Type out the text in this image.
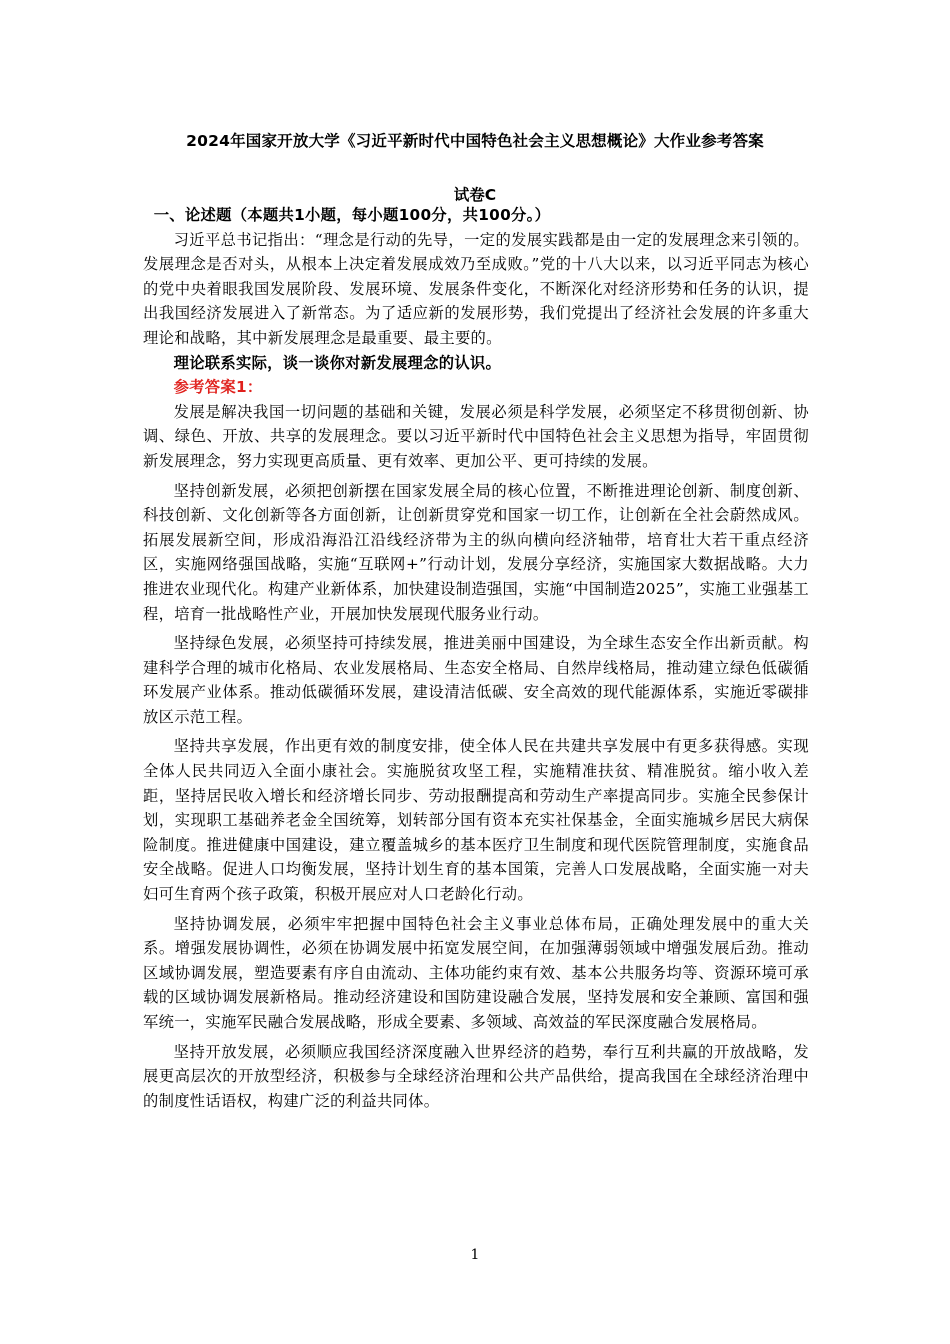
2024年国家开放大学《习近平新时代中国特色社会主义思想概论》大作业参考答案
试卷C

一、论述题（本题共1小题，每小题100分，共100分。）

习近平总书记指出：“理念是行动的先导，一定的发展实践都是由一定的发展理念来引领的。发展理念是否对头，从根本上决定着发展成效乃至成败。”党的十八大以来，以习近平同志为核心的党中央着眼我国发展阶段、发展环境、发展条件变化，不断深化对经济形势和任务的认识，提出我国经济发展进入了新常态。为了适应新的发展形势，我们党提出了经济社会发展的许多重大理论和战略，其中新发展理念是最重要、最主要的。

理论联系实际，谈一谈你对新发展理念的认识。

参考答案1：

发展是解决我国一切问题的基础和关键，发展必须是科学发展，必须坚定不移贯彻创新、协调、绿色、开放、共享的发展理念。要以习近平新时代中国特色社会主义思想为指导，牢固贯彻新发展理念，努力实现更高质量、更有效率、更加公平、更可持续的发展。

坚持创新发展，必须把创新摆在国家发展全局的核心位置，不断推进理论创新、制度创新、科技创新、文化创新等各方面创新，让创新贯穿党和国家一切工作，让创新在全社会蔚然成风。拓展发展新空间，形成沿海沿江沿线经济带为主的纵向横向经济轴带，培育壮大若干重点经济区，实施网络强国战略，实施“互联网+”行动计划，发展分享经济，实施国家大数据战略。大力推进农业现代化。构建产业新体系，加快建设制造强国，实施“中国制造2025”，实施工业强基工程，培育一批战略性产业，开展加快发展现代服务业行动。

坚持绿色发展，必须坚持可持续发展，推进美丽中国建设，为全球生态安全作出新贡献。构建科学合理的城市化格局、农业发展格局、生态安全格局、自然岸线格局，推动建立绿色低碳循环发展产业体系。推动低碳循环发展，建设清洁低碳、安全高效的现代能源体系，实施近零碳排放区示范工程。

坚持共享发展，作出更有效的制度安排，使全体人民在共建共享发展中有更多获得感。实现全体人民共同迈入全面小康社会。实施脱贫攻坚工程，实施精准扶贫、精准脱贫。缩小收入差距，坚持居民收入增长和经济增长同步、劳动报酬提高和劳动生产率提高同步。实施全民参保计划，实现职工基础养老金全国统筹，划转部分国有资本充实社保基金，全面实施城乡居民大病保险制度。推进健康中国建设，建立覆盖城乡的基本医疗卫生制度和现代医院管理制度，实施食品安全战略。促进人口均衡发展，坚持计划生育的基本国策，完善人口发展战略，全面实施一对夫妇可生育两个孩子政策，积极开展应对人口老龄化行动。

坚持协调发展，必须牢牢把握中国特色社会主义事业总体布局，正确处理发展中的重大关系。增强发展协调性，必须在协调发展中拓宽发展空间，在加强薄弱领域中增强发展后劲。推动区域协调发展，塑造要素有序自由流动、主体功能约束有效、基本公共服务均等、资源环境可承载的区域协调发展新格局。推动经济建设和国防建设融合发展，坚持发展和安全兼顾、富国和强军统一，实施军民融合发展战略，形成全要素、多领域、高效益的军民深度融合发展格局。

坚持开放发展，必须顺应我国经济深度融入世界经济的趋势，奉行互利共赢的开放战略，发展更高层次的开放型经济，积极参与全球经济治理和公共产品供给，提高我国在全球经济治理中的制度性话语权，构建广泛的利益共同体。

1
